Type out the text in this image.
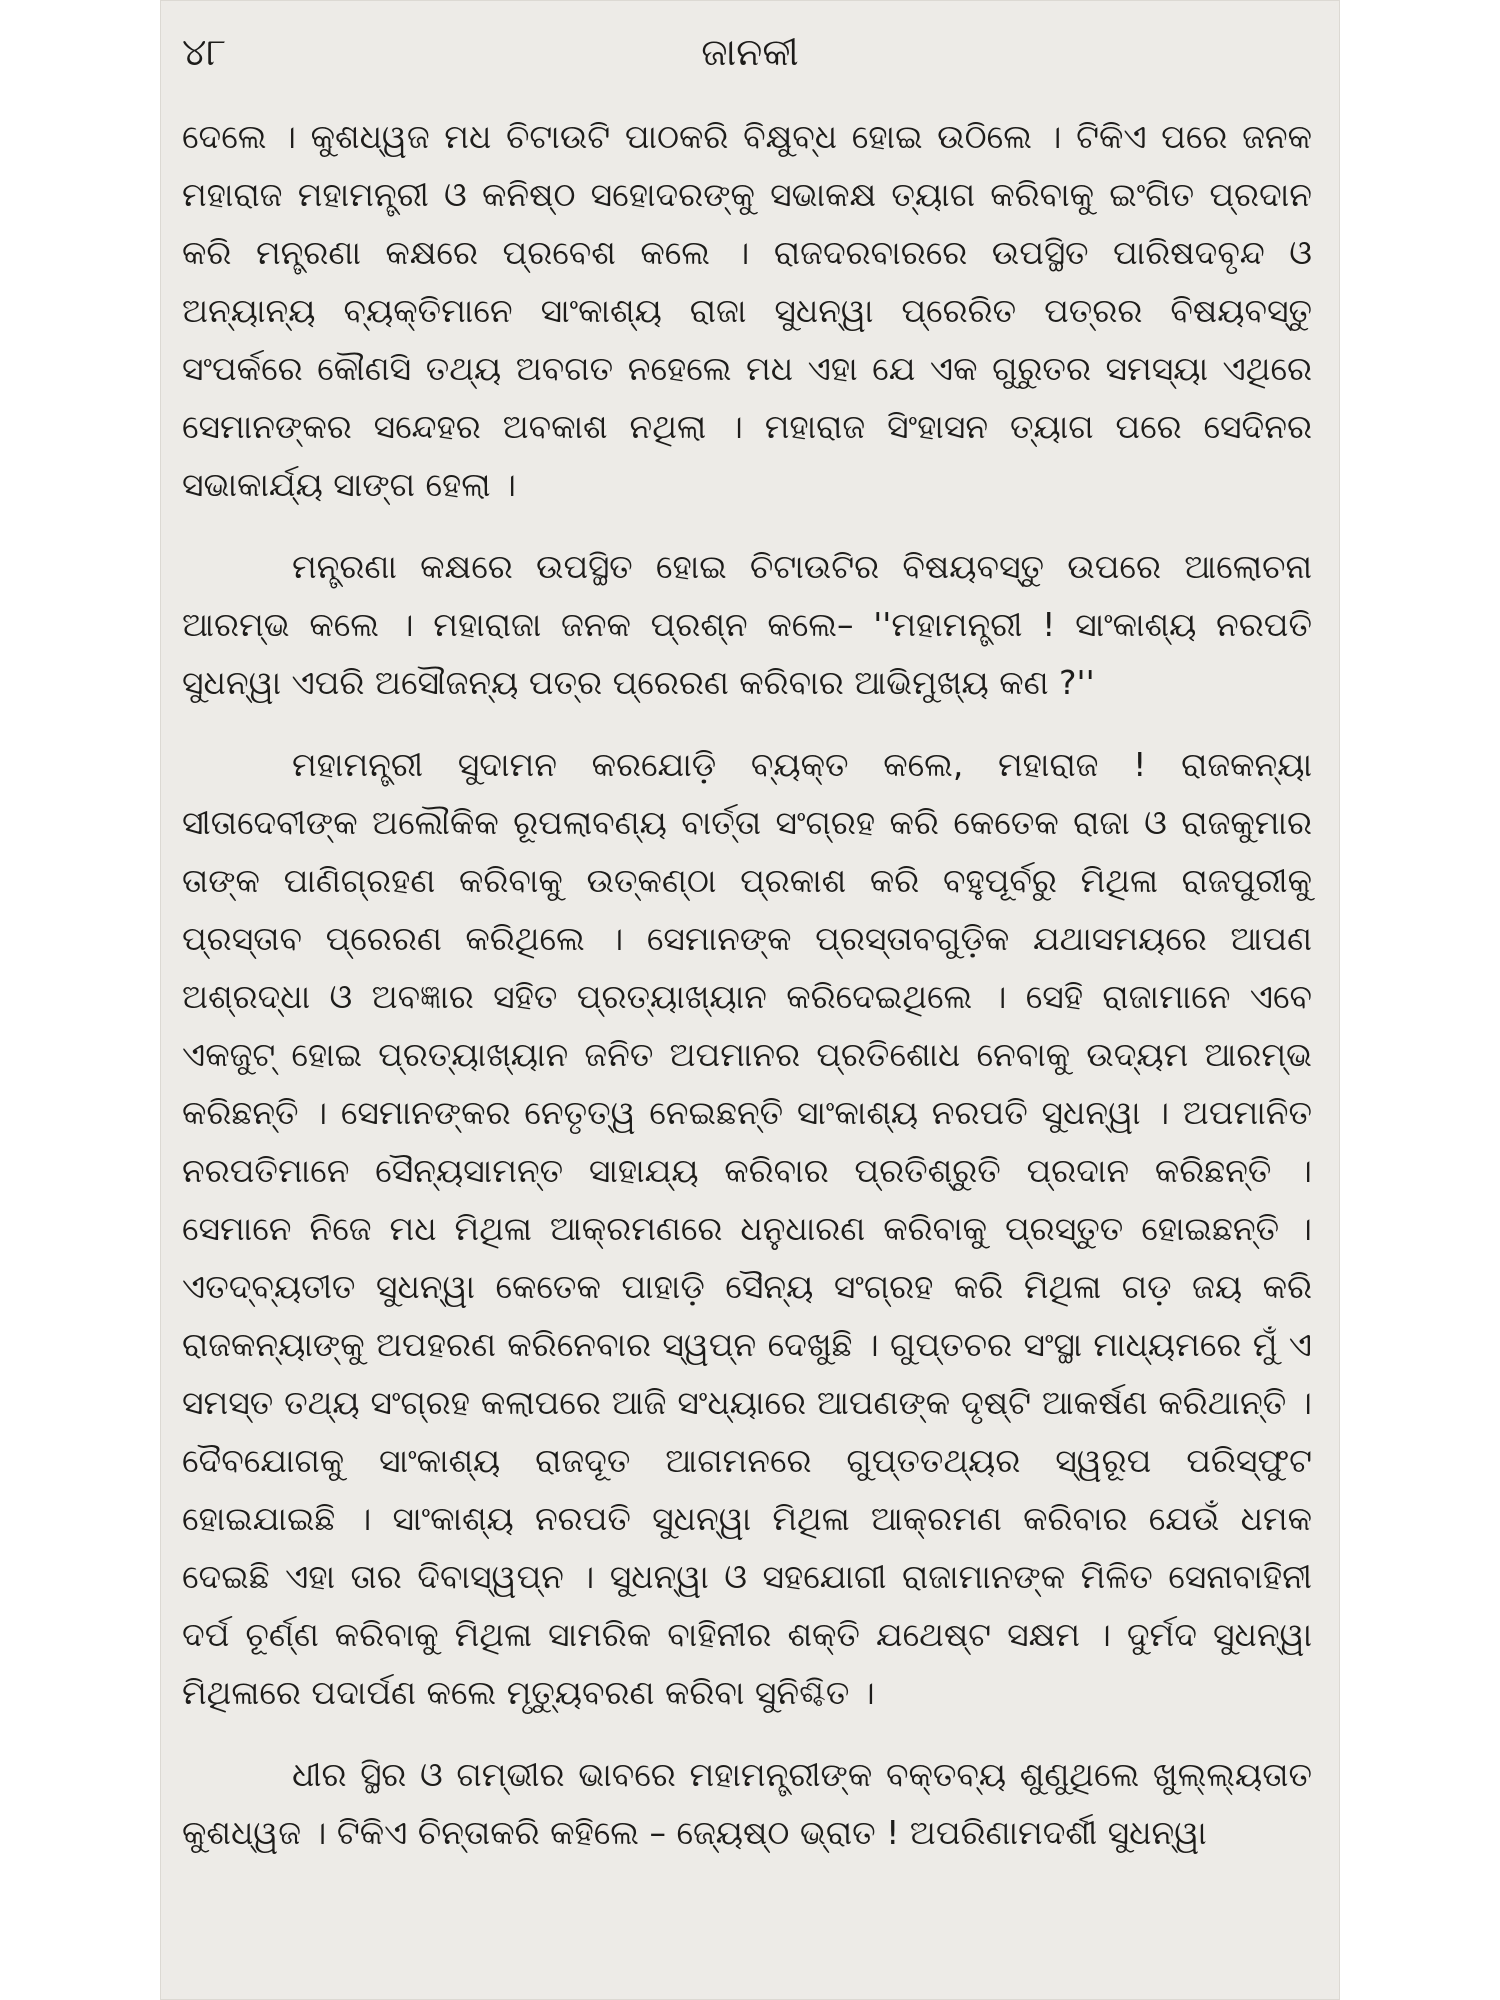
୪୮	ଜାନକୀ

ଦେଲେ । କୁଶଧ୍ୱଜ ମଧ ଚିଟାଉଟି ପାଠକରି ବିକ୍ଷୁବ୍ଧ ହୋଇ ଉଠିଲେ । ଟିକିଏ ପରେ ଜନକ ମହାରାଜ ମହାମନ୍ତ୍ରୀ ଓ କନିଷ୍ଠ ସହୋଦରଙ୍କୁ ସଭାକକ୍ଷ ତ୍ୟାଗ କରିବାକୁ ଇଂଗିତ ପ୍ରଦାନ କରି ମନ୍ତ୍ରଣା କକ୍ଷରେ ପ୍ରବେଶ କଲେ । ରାଜଦରବାରରେ ଉପସ୍ଥିତ ପାରିଷଦବୃନ୍ଦ ଓ ଅନ୍ୟାନ୍ୟ ବ୍ୟକ୍ତିମାନେ ସାଂକାଶ୍ୟ ରାଜା ସୁଧନ୍ୱା ପ୍ରେରିତ ପତ୍ରର ବିଷୟବସ୍ତୁ ସଂପର୍କରେ କୌଣସି ତଥ୍ୟ ଅବଗତ ନହେଲେ ମଧ ଏହା ଯେ ଏକ ଗୁରୁତର ସମସ୍ୟା ଏଥିରେ ସେମାନଙ୍କର ସନ୍ଦେହର ଅବକାଶ ନଥିଲା । ମହାରାଜ ସିଂହାସନ ତ୍ୟାଗ ପରେ ସେଦିନର ସଭାକାର୍ଯ୍ୟ ସାଙ୍ଗ ହେଲା ।

ମନ୍ତ୍ରଣା କକ୍ଷରେ ଉପସ୍ଥିତ ହୋଇ ଚିଟାଉଟିର ବିଷୟବସ୍ତୁ ଉପରେ ଆଲୋଚନା ଆରମ୍ଭ କଲେ । ମହାରାଜା ଜନକ ପ୍ରଶ୍ନ କଲେ– ''ମହାମନ୍ତ୍ରୀ ! ସାଂକାଶ୍ୟ ନରପତି ସୁଧନ୍ୱା ଏପରି ଅସୌଜନ୍ୟ ପତ୍ର ପ୍ରେରଣ କରିବାର ଆଭିମୁଖ୍ୟ କଣ ?''

ମହାମନ୍ତ୍ରୀ ସୁଦାମନ କରଯୋଡ଼ି ବ୍ୟକ୍ତ କଲେ, ମହାରାଜ ! ରାଜକନ୍ୟା ସୀତାଦେବୀଙ୍କ ଅଲୌକିକ ରୂପଲାବଣ୍ୟ ବାର୍ତ୍ତା ସଂଗ୍ରହ କରି କେତେକ ରାଜା ଓ ରାଜକୁମାର ତାଙ୍କ ପାଣିଗ୍ରହଣ କରିବାକୁ ଉତ୍କଣ୍ଠା ପ୍ରକାଶ କରି ବହୁପୂର୍ବରୁ ମିଥିଳା ରାଜପୁରୀକୁ ପ୍ରସ୍ତାବ ପ୍ରେରଣ କରିଥିଲେ । ସେମାନଙ୍କ ପ୍ରସ୍ତାବଗୁଡ଼ିକ ଯଥାସମୟରେ ଆପଣ ଅଶ୍ରଦ୍ଧା ଓ ଅବଜ୍ଞାର ସହିତ ପ୍ରତ୍ୟାଖ୍ୟାନ କରିଦେଇଥିଲେ । ସେହି ରାଜାମାନେ ଏବେ ଏକଜୁଟ୍ ହୋଇ ପ୍ରତ୍ୟାଖ୍ୟାନ ଜନିତ ଅପମାନର ପ୍ରତିଶୋଧ ନେବାକୁ ଉଦ୍ୟମ ଆରମ୍ଭ କରିଛନ୍ତି । ସେମାନଙ୍କର ନେତୃତ୍ୱ ନେଇଛନ୍ତି ସାଂକାଶ୍ୟ ନରପତି ସୁଧନ୍ୱା । ଅପମାନିତ ନରପତିମାନେ ସୈନ୍ୟସାମନ୍ତ ସାହାଯ୍ୟ କରିବାର ପ୍ରତିଶ୍ରୁତି ପ୍ରଦାନ କରିଛନ୍ତି । ସେମାନେ ନିଜେ ମଧ ମିଥିଳା ଆକ୍ରମଣରେ ଧନୁଧାରଣ କରିବାକୁ ପ୍ରସ୍ତୁତ ହୋଇଛନ୍ତି । ଏତଦ୍‌ବ୍ୟତୀତ ସୁଧନ୍ୱା କେତେକ ପାହାଡ଼ି ସୈନ୍ୟ ସଂଗ୍ରହ କରି ମିଥିଳା ଗଡ଼ ଜୟ କରି ରାଜକନ୍ୟାଙ୍କୁ ଅପହରଣ କରିନେବାର ସ୍ୱପ୍ନ ଦେଖୁଛି । ଗୁପ୍ତଚର ସଂସ୍ଥା ମାଧ୍ୟମରେ ମୁଁ ଏ ସମସ୍ତ ତଥ୍ୟ ସଂଗ୍ରହ କଲାପରେ ଆଜି ସଂଧ୍ୟାରେ ଆପଣଙ୍କ ଦୃଷ୍ଟି ଆକର୍ଷଣ କରିଥାନ୍ତି । ଦୈବଯୋଗକୁ ସାଂକାଶ୍ୟ ରାଜଦୂତ ଆଗମନରେ ଗୁପ୍ତତଥ୍ୟର ସ୍ୱରୂପ ପରିସ୍ଫୁଟ ହୋଇଯାଇଛି । ସାଂକାଶ୍ୟ ନରପତି ସୁଧନ୍ୱା ମିଥିଳା ଆକ୍ରମଣ କରିବାର ଯେଉଁ ଧମକ ଦେଇଛି ଏହା ତାର ଦିବାସ୍ୱପ୍ନ । ସୁଧନ୍ୱା ଓ ସହଯୋଗୀ ରାଜାମାନଙ୍କ ମିଳିତ ସେନାବାହିନୀ ଦର୍ପ ଚୂର୍ଣ୍ଣ କରିବାକୁ ମିଥିଳା ସାମରିକ ବାହିନୀର ଶକ୍ତି ଯଥେଷ୍ଟ ସକ୍ଷମ । ଦୁର୍ମଦ ସୁଧନ୍ୱା ମିଥିଳାରେ ପଦାର୍ପଣ କଲେ ମୃତ୍ୟୁବରଣ କରିବା ସୁନିଶ୍ଚିତ ।

ଧୀର ସ୍ଥିର ଓ ଗମ୍ଭୀର ଭାବରେ ମହାମନ୍ତ୍ରୀଙ୍କ ବକ୍ତବ୍ୟ ଶୁଣୁଥିଲେ ଖୁଲ୍ଲ୍ୟତାତ କୁଶଧ୍ୱଜ । ଟିକିଏ ଚିନ୍ତାକରି କହିଲେ – ଜ୍ୟେଷ୍ଠ ଭ୍ରାତ ! ଅପରିଣାମଦର୍ଶୀ ସୁଧନ୍ୱା
